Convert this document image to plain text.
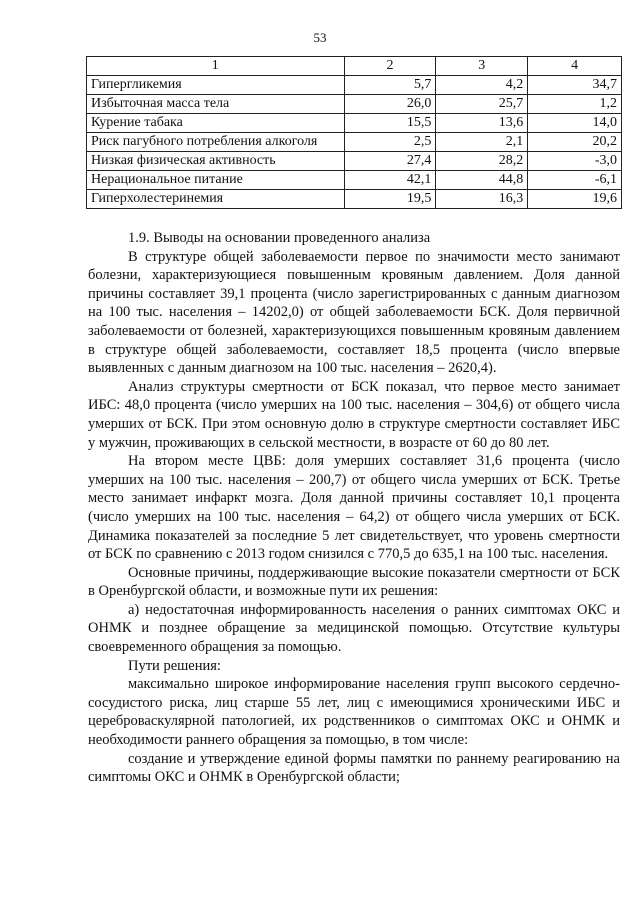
53
1	2	3	4
Гипергликемия	5,7	4,2	34,7
Избыточная масса тела	26,0	25,7	1,2
Курение табака	15,5	13,6	14,0
Риск пагубного потребления алкоголя	2,5	2,1	20,2
Низкая физическая активность	27,4	28,2	-3,0
Нерациональное питание	42,1	44,8	-6,1
Гиперхолестеринемия	19,5	16,3	19,6

1.9. Выводы на основании проведенного анализа

В структуре общей заболеваемости первое по значимости место занимают болезни, характеризующиеся повышенным кровяным давлением. Доля данной причины составляет 39,1 процента (число зарегистрированных с данным диагнозом на 100 тыс. населения – 14202,0) от общей заболеваемости БСК. Доля первичной заболеваемости от болезней, характеризующихся повышенным кровяным давлением в структуре общей заболеваемости, составляет 18,5 процента (число впервые выявленных с данным диагнозом на 100 тыс. населения – 2620,4).

Анализ структуры смертности от БСК показал, что первое место занимает ИБС: 48,0 процента (число умерших на 100 тыс. населения – 304,6) от общего числа умерших от БСК. При этом основную долю в структуре смертности составляет ИБС у мужчин, проживающих в сельской местности, в возрасте от 60 до 80 лет.

На втором месте ЦВБ: доля умерших составляет 31,6 процента (число умерших на 100 тыс. населения – 200,7) от общего числа умерших от БСК. Третье место занимает инфаркт мозга. Доля данной причины составляет 10,1 процента (число умерших на 100 тыс. населения – 64,2) от общего числа умерших от БСК. Динамика показателей за последние 5 лет свидетельствует, что уровень смертности от БСК по сравнению с 2013 годом снизился с 770,5 до 635,1 на 100 тыс. населения.

Основные причины, поддерживающие высокие показатели смертности от БСК в Оренбургской области, и возможные пути их решения:

а) недостаточная информированность населения о ранних симптомах ОКС и ОНМК и позднее обращение за медицинской помощью. Отсутствие культуры своевременного обращения за помощью.

Пути решения:

максимально широкое информирование населения групп высокого сердечно-сосудистого риска, лиц старше 55 лет, лиц с имеющимися хроническими ИБС и цереброваскулярной патологией, их родственников о симптомах ОКС и ОНМК и необходимости раннего обращения за помощью, в том числе:

создание и утверждение единой формы памятки по раннему реагированию на симптомы ОКС и ОНМК в Оренбургской области;
